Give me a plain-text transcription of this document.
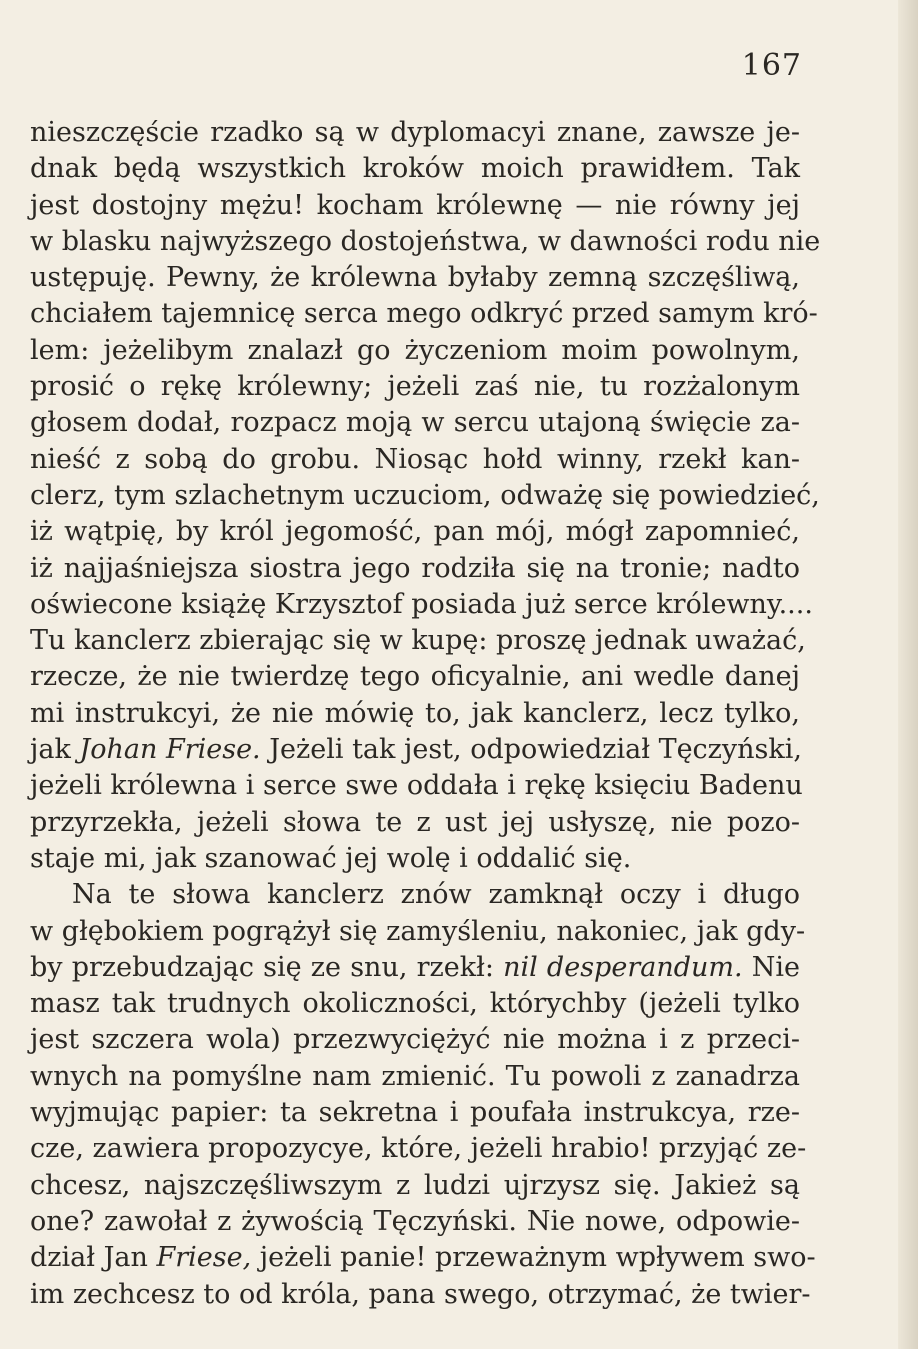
167
nieszczęście rzadko są w dyplomacyi znane, zawsze je-
dnak będą wszystkich kroków moich prawidłem. Tak
jest dostojny mężu! kocham królewnę — nie równy jej
w blasku najwyższego dostojeństwa, w dawności rodu nie
ustępuję. Pewny, że królewna byłaby zemną szczęśliwą,
chciałem tajemnicę serca mego odkryć przed samym kró-
lem: jeżelibym znalazł go życzeniom moim powolnym,
prosić o rękę królewny; jeżeli zaś nie, tu rozżalonym
głosem dodał, rozpacz moją w sercu utajoną święcie za-
nieść z sobą do grobu. Niosąc hołd winny, rzekł kan-
clerz, tym szlachetnym uczuciom, odważę się powiedzieć,
iż wątpię, by król jegomość, pan mój, mógł zapomnieć,
iż najjaśniejsza siostra jego rodziła się na tronie; nadto
oświecone książę Krzysztof posiada już serce królewny....
Tu kanclerz zbierając się w kupę: proszę jednak uważać,
rzecze, że nie twierdzę tego oficyalnie, ani wedle danej
mi instrukcyi, że nie mówię to, jak kanclerz, lecz tylko,
jak Johan Friese. Jeżeli tak jest, odpowiedział Tęczyński,
jeżeli królewna i serce swe oddała i rękę księciu Badenu
przyrzekła, jeżeli słowa te z ust jej usłyszę, nie pozo-
staje mi, jak szanować jej wolę i oddalić się.
Na te słowa kanclerz znów zamknął oczy i długo
w głębokiem pogrążył się zamyśleniu, nakoniec, jak gdy-
by przebudzając się ze snu, rzekł: nil desperandum. Nie
masz tak trudnych okoliczności, którychby (jeżeli tylko
jest szczera wola) przezwyciężyć nie można i z przeci-
wnych na pomyślne nam zmienić. Tu powoli z zanadrza
wyjmując papier: ta sekretna i poufała instrukcya, rze-
cze, zawiera propozycye, które, jeżeli hrabio! przyjąć ze-
chcesz, najszczęśliwszym z ludzi ujrzysz się. Jakież są
one? zawołał z żywością Tęczyński. Nie nowe, odpowie-
dział Jan Friese, jeżeli panie! przeważnym wpływem swo-
im zechcesz to od króla, pana swego, otrzymać, że twier-
